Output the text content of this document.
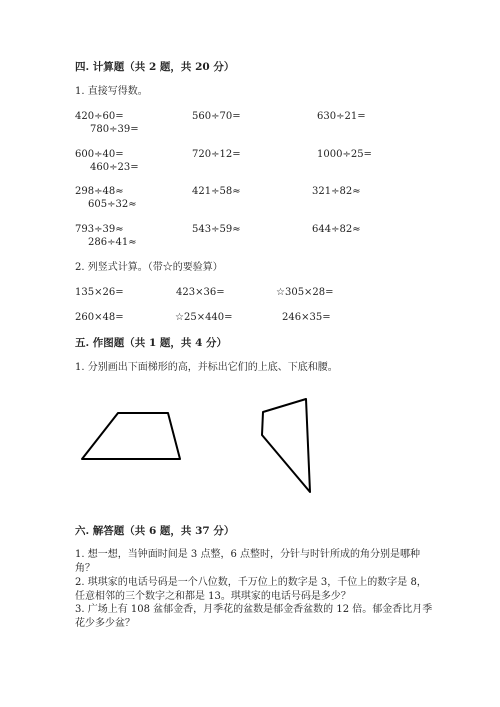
四. 计算题（共 2 题，共 20 分）
1. 直接写得数。
420÷60=	560÷70=	630÷21=
780÷39=
600÷40=	720÷12=	1000÷25=
460÷23=
298÷48≈	421÷58≈	321÷82≈
605÷32≈
793÷39≈	543÷59≈	644÷82≈
286÷41≈
2. 列竖式计算。（带☆的要验算）
135×26=	423×36=	☆305×28=
260×48=	☆25×440=	246×35=
五. 作图题（共 1 题，共 4 分）
1. 分别画出下面梯形的高，并标出它们的上底、下底和腰。
六. 解答题（共 6 题，共 37 分）
1. 想一想，当钟面时间是 3 点整，6 点整时，分针与时针所成的角分别是哪种
角？
2. 琪琪家的电话号码是一个八位数，千万位上的数字是 3，千位上的数字是 8，
任意相邻的三个数字之和都是 13。琪琪家的电话号码是多少？
3. 广场上有 108 盆郁金香，月季花的盆数是郁金香盆数的 12 倍。郁金香比月季
花少多少盆？
